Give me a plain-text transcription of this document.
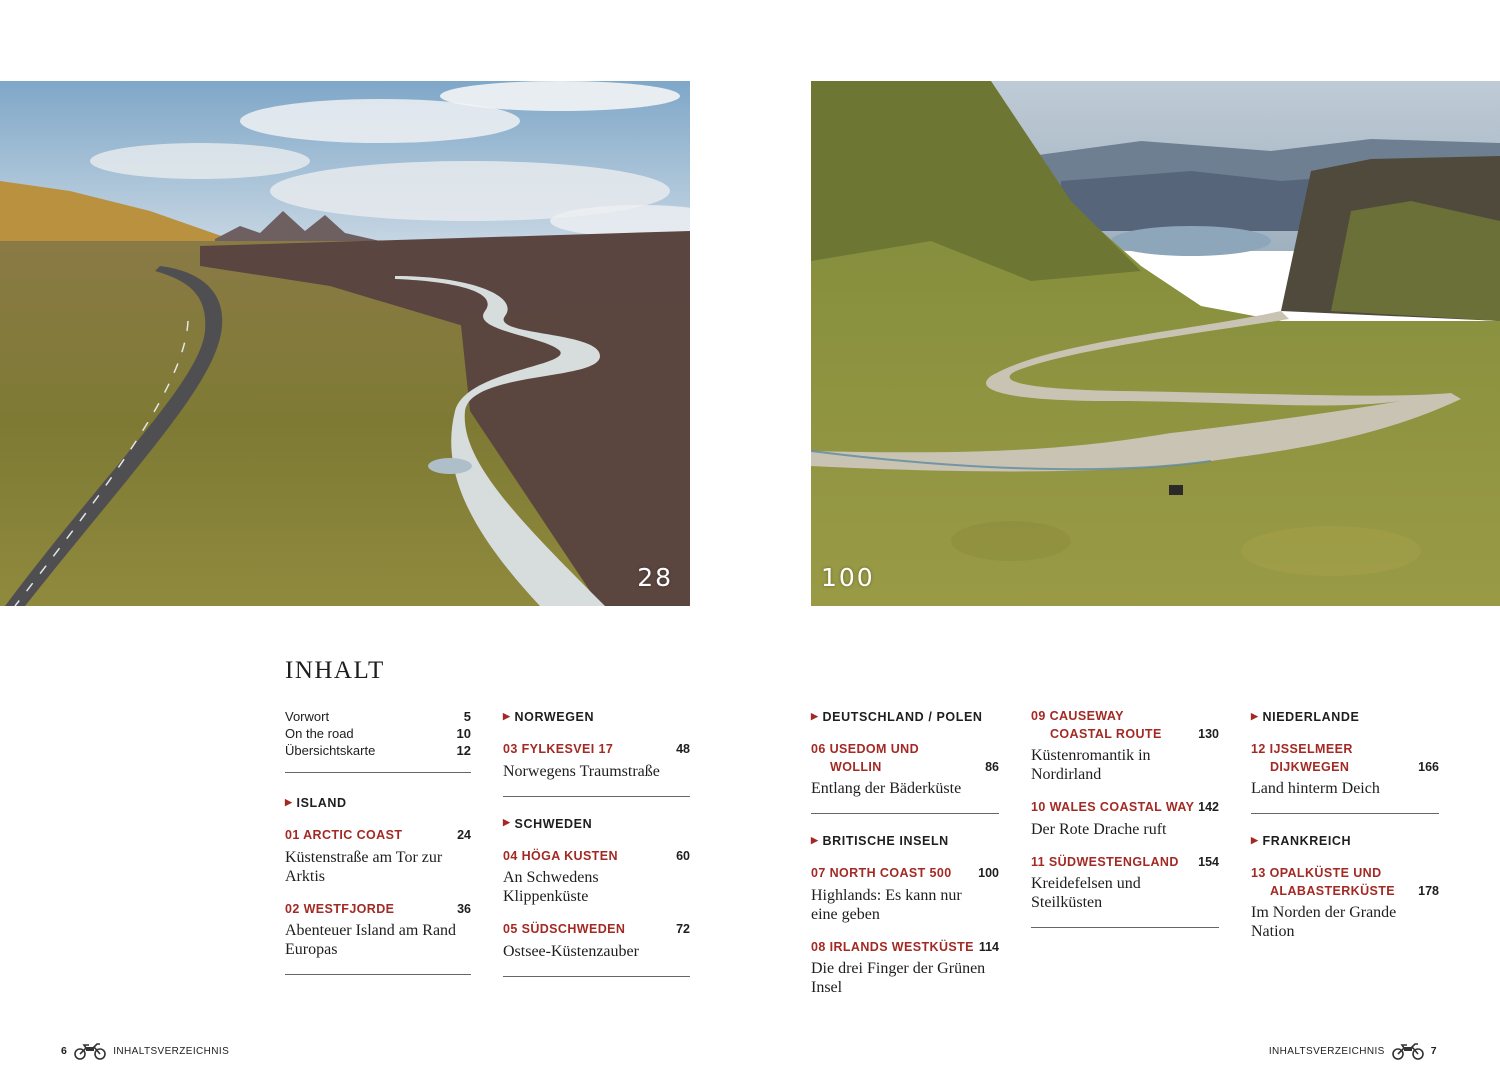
28	100
INHALT
Vorwort	5
On the road	10
Übersichtskarte	12
▶ ISLAND
01 ARCTIC COAST	24
Küstenstraße am Tor zur Arktis
02 WESTFJORDE	36
Abenteuer Island am Rand Europas
▶ NORWEGEN
03 FYLKESVEI 17	48
Norwegens Traumstraße
▶ SCHWEDEN
04 HÖGA KUSTEN	60
An Schwedens Klippenküste
05 SÜDSCHWEDEN	72
Ostsee-Küstenzauber
▶ DEUTSCHLAND / POLEN
06 USEDOM UND
WOLLIN	86
Entlang der Bäderküste
▶ BRITISCHE INSELN
07 NORTH COAST 500 100
Highlands: Es kann nur eine geben
08 IRLANDS WESTKÜSTE 114
Die drei Finger der Grünen Insel
09 CAUSEWAY
COASTAL ROUTE	130
Küstenromantik in Nordirland
10 WALES COASTAL WAY 142
Der Rote Drache ruft
11 SÜDWESTENGLAND 154
Kreidefelsen und Steilküsten
▶ NIEDERLANDE
12 IJSSELMEER
DIJKWEGEN	166
Land hinterm Deich
▶ FRANKREICH
13 OPALKÜSTE UND
ALABASTERKÜSTE 178
Im Norden der Grande Nation
6	INHALTSVERZEICHNIS	INHALTSVERZEICHNIS	7
